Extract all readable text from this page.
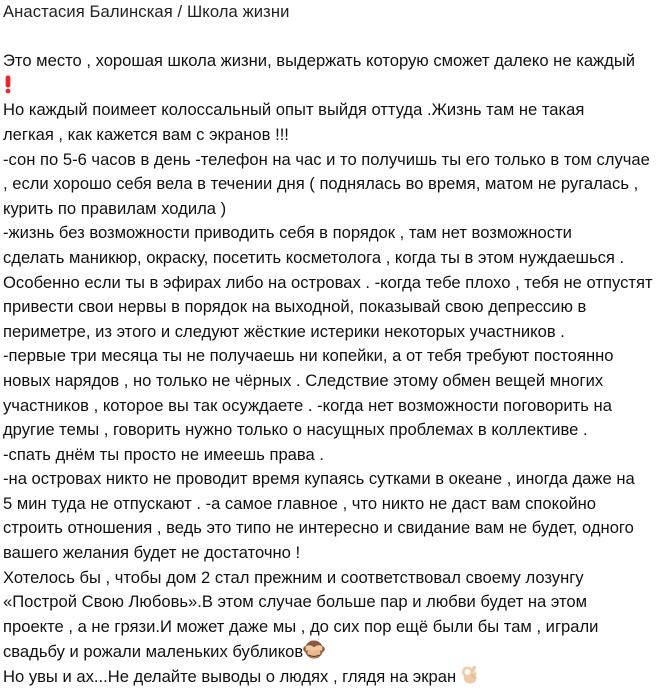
Анастасия Балинская / Школа жизни
Это место , хорошая школа жизни, выдержать которую сможет далеко не каждый
Но каждый поимеет колоссальный опыт выйдя оттуда .Жизнь там не такая
легкая , как кажется вам с экранов !!!
-сон по 5-6 часов в день -телефон на час и то получишь ты его только в том случае
, если хорошо себя вела в течении дня ( поднялась во время, матом не ругалась ,
курить по правилам ходила )
-жизнь без возможности приводить себя в порядок , там нет возможности
сделать маникюр, окраску, посетить косметолога , когда ты в этом нуждаешься .
Особенно если ты в эфирах либо на островах . -когда тебе плохо , тебя не отпустят
привести свои нервы в порядок на выходной, показывай свою депрессию в
периметре, из этого и следуют жёсткие истерики некоторых участников .
-первые три месяца ты не получаешь ни копейки, а от тебя требуют постоянно
новых нарядов , но только не чёрных . Следствие этому обмен вещей многих
участников , которое вы так осуждаете . -когда нет возможности поговорить на
другие темы , говорить нужно только о насущных проблемах в коллективе .
-спать днём ты просто не имеешь права .
-на островах никто не проводит время купаясь сутками в океане , иногда даже на
5 мин туда не отпускают . -а самое главное , что никто не даст вам спокойно
строить отношения , ведь это типо не интересно и свидание вам не будет, одного
вашего желания будет не достаточно !
Хотелось бы , чтобы дом 2 стал прежним и соответствовал своему лозунгу
«Построй Свою Любовь».В этом случае больше пар и любви будет на этом
проекте , а не грязи.И может даже мы , до сих пор ещё были бы там , играли
свадьбу и рожали маленьких бубликов
Но увы и ах...Не делайте выводы о людях , глядя на экран
